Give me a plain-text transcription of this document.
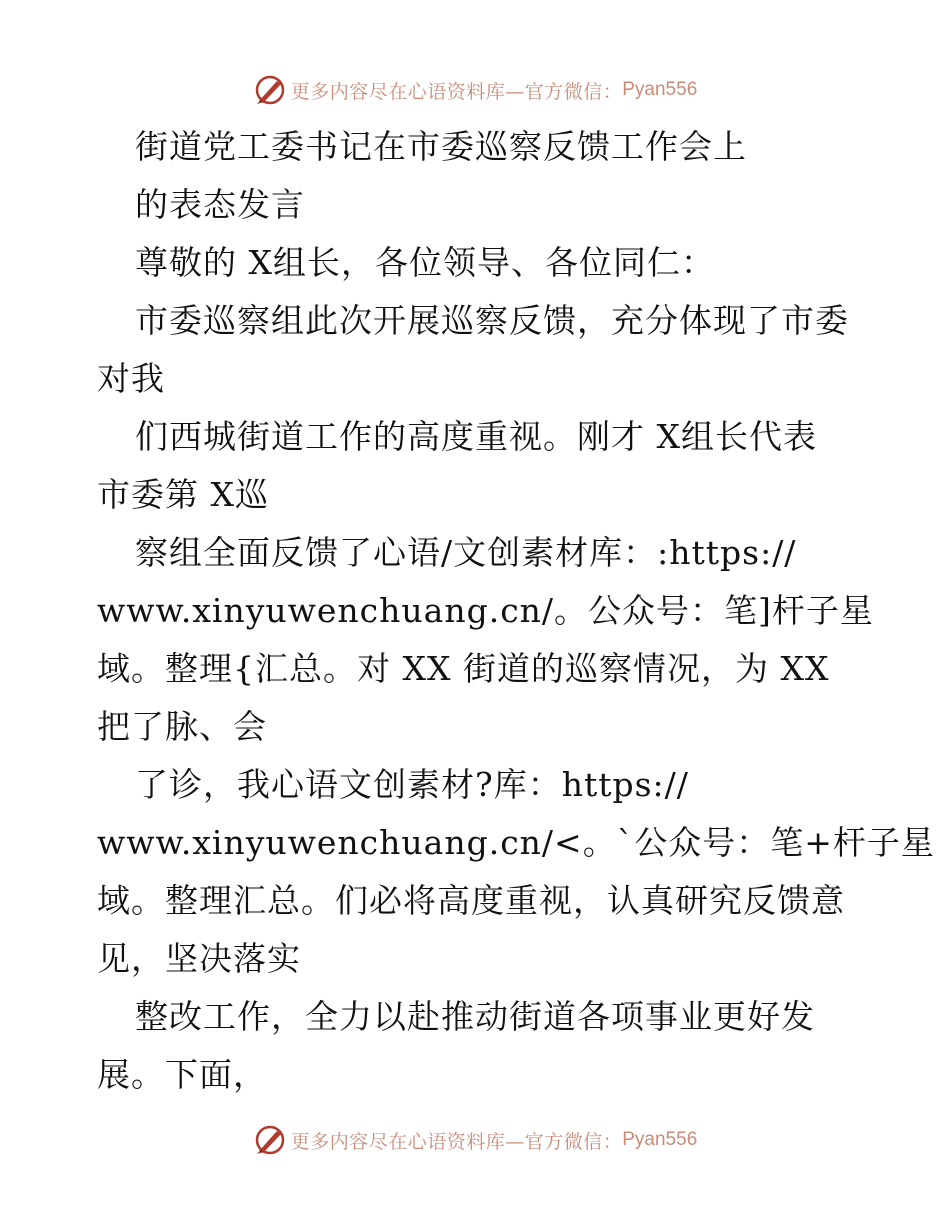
更多内容尽在心语资料库—官方微信： Pyan556
街道党工委书记在市委巡察反馈工作会上
的表态发言
尊敬的 X组长，各位领导、各位同仁：
市委巡察组此次开展巡察反馈，充分体现了市委
对我
们西城街道工作的高度重视。刚才 X组长代表
市委第 X巡
察组全面反馈了心语/文创素材库：:https://
www.xinyuwenchuang.cn/。公众号：笔]杆子星
域。整理{汇总。对 XX 街道的巡察情况，为 XX
把了脉、会
了诊，我心语文创素材?库：https://
www.xinyuwenchuang.cn/<。`公众号：笔+杆子星
域。整理汇总。们必将高度重视，认真研究反馈意
见，坚决落实
整改工作，全力以赴推动街道各项事业更好发
展。下面，
更多内容尽在心语资料库—官方微信： Pyan556
